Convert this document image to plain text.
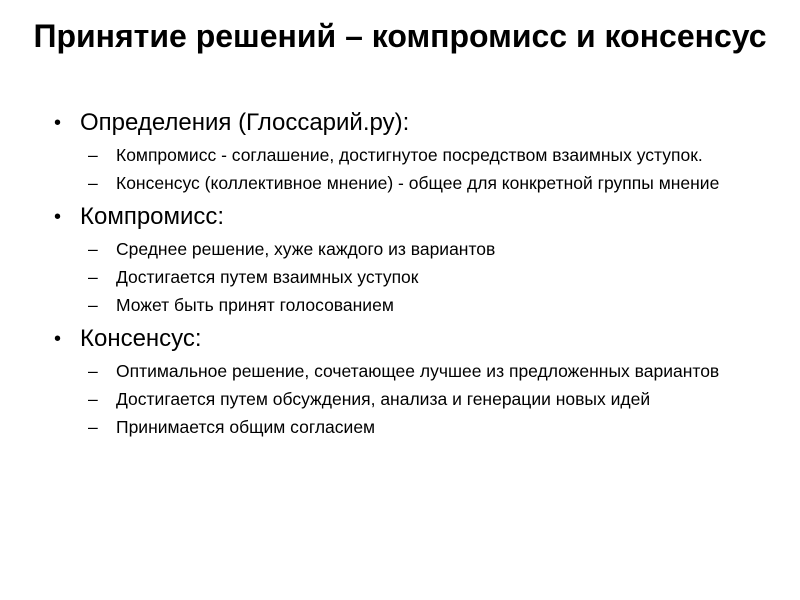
Принятие решений – компромисс и консенсус
• Определения (Глоссарий.ру):
– Компромисс - соглашение, достигнутое посредством взаимных уступок.
– Консенсус (коллективное мнение) - общее для конкретной группы мнение
• Компромисс:
– Среднее решение, хуже каждого из вариантов
– Достигается путем взаимных уступок
– Может быть принят голосованием
• Консенсус:
– Оптимальное решение, сочетающее лучшее из предложенных вариантов
– Достигается путем обсуждения, анализа и генерации новых идей
– Принимается общим согласием
